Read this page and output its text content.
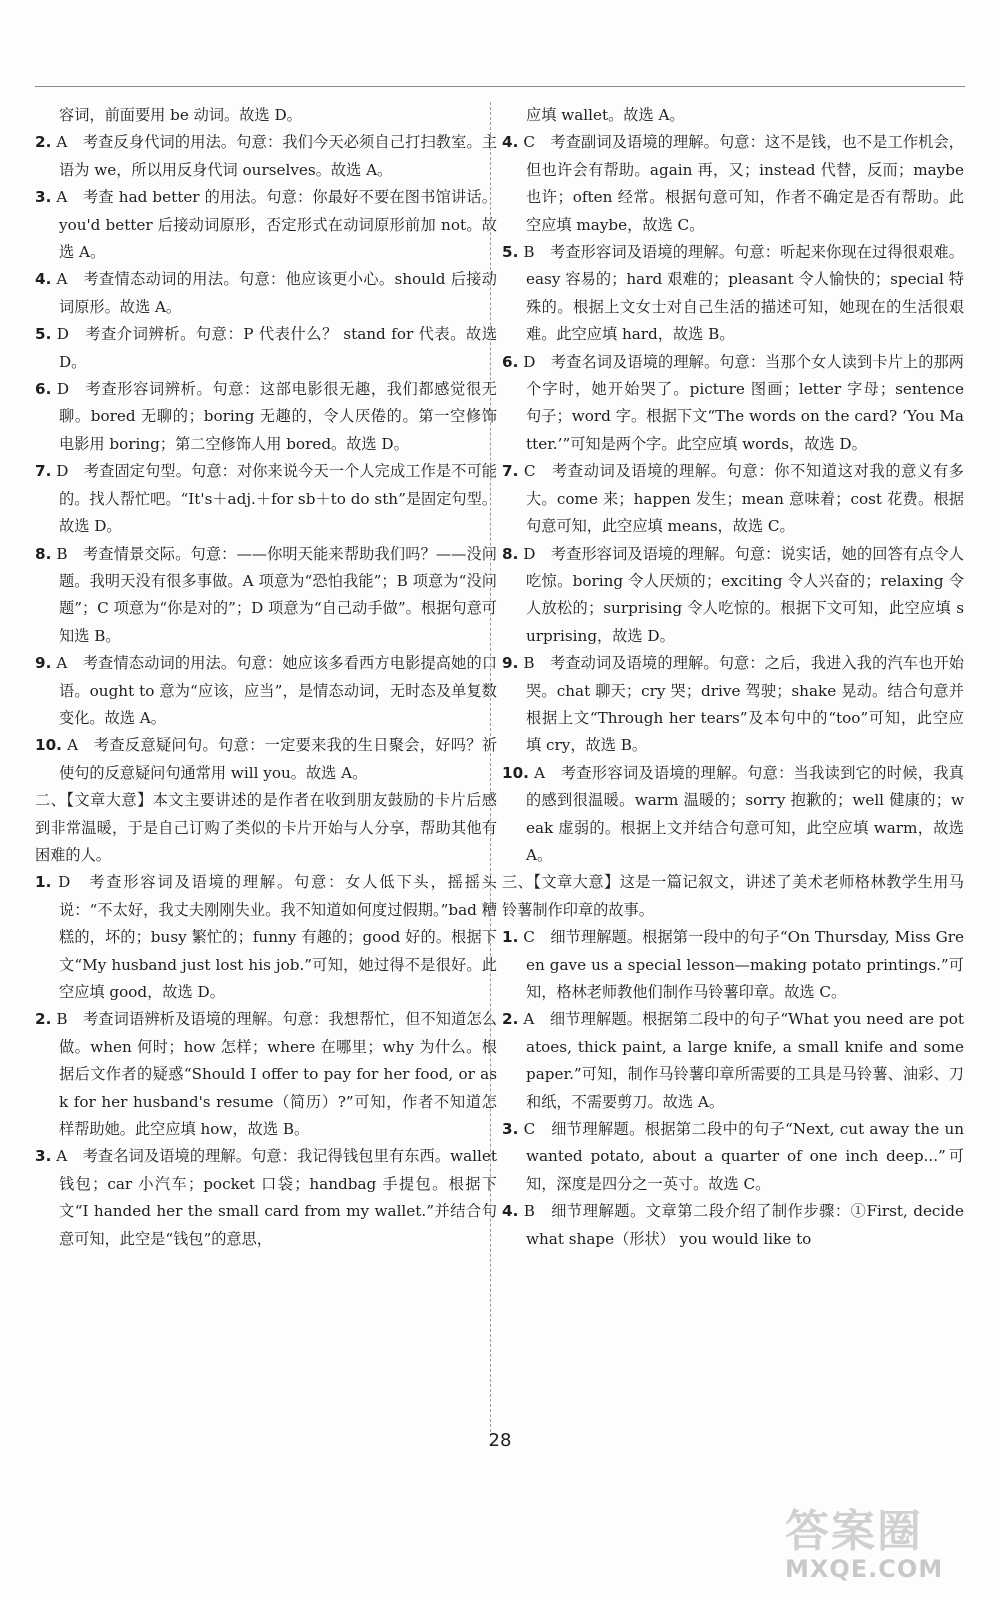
容词，前面要用 be 动词。故选 D。

2. A　考查反身代词的用法。句意：我们今天必须自己打扫教室。主语为 we，所以用反身代词 ourselves。故选 A。

3. A　考查 had better 的用法。句意：你最好不要在图书馆讲话。you'd better 后接动词原形，否定形式在动词原形前加 not。故选 A。

4. A　考查情态动词的用法。句意：他应该更小心。should 后接动词原形。故选 A。

5. D　考查介词辨析。句意：P 代表什么？ stand for 代表。故选 D。

6. D　考查形容词辨析。句意：这部电影很无趣，我们都感觉很无聊。bored 无聊的；boring 无趣的，令人厌倦的。第一空修饰电影用 boring；第二空修饰人用 bored。故选 D。

7. D　考查固定句型。句意：对你来说今天一个人完成工作是不可能的。找人帮忙吧。“It's＋adj.＋for sb＋to do sth”是固定句型。故选 D。

8. B　考查情景交际。句意：——你明天能来帮助我们吗？——没问题。我明天没有很多事做。A 项意为“恐怕我能”；B 项意为“没问题”；C 项意为“你是对的”；D 项意为“自己动手做”。根据句意可知选 B。

9. A　考查情态动词的用法。句意：她应该多看西方电影提高她的口语。ought to 意为“应该，应当”，是情态动词，无时态及单复数变化。故选 A。

10. A　考查反意疑问句。句意：一定要来我的生日聚会，好吗？祈使句的反意疑问句通常用 will you。故选 A。

二、【文章大意】本文主要讲述的是作者在收到朋友鼓励的卡片后感到非常温暖，于是自己订购了类似的卡片开始与人分享，帮助其他有困难的人。

1. D　考查形容词及语境的理解。句意：女人低下头，摇摇头说：“不太好，我丈夫刚刚失业。我不知道如何度过假期。”bad 糟糕的，坏的；busy 繁忙的；funny 有趣的；good 好的。根据下文“My husband just lost his job.”可知，她过得不是很好。此空应填 good，故选 D。

2. B　考查词语辨析及语境的理解。句意：我想帮忙，但不知道怎么做。when 何时；how 怎样；where 在哪里；why 为什么。根据后文作者的疑惑“Should I offer to pay for her food, or ask for her husband's resume（简历）?”可知，作者不知道怎样帮助她。此空应填 how，故选 B。

3. A　考查名词及语境的理解。句意：我记得钱包里有东西。wallet 钱包；car 小汽车；pocket 口袋；handbag 手提包。根据下文“I handed her the small card from my wallet.”并结合句意可知，此空是“钱包”的意思，

应填 wallet。故选 A。

4. C　考查副词及语境的理解。句意：这不是钱，也不是工作机会，但也许会有帮助。again 再，又；instead 代替，反而；maybe 也许；often 经常。根据句意可知，作者不确定是否有帮助。此空应填 maybe，故选 C。

5. B　考查形容词及语境的理解。句意：听起来你现在过得很艰难。easy 容易的；hard 艰难的；pleasant 令人愉快的；special 特殊的。根据上文女士对自己生活的描述可知，她现在的生活很艰难。此空应填 hard，故选 B。

6. D　考查名词及语境的理解。句意：当那个女人读到卡片上的那两个字时，她开始哭了。picture 图画；letter 字母；sentence 句子；word 字。根据下文“The words on the card? ‘You Matter.’”可知是两个字。此空应填 words，故选 D。

7. C　考查动词及语境的理解。句意：你不知道这对我的意义有多大。come 来；happen 发生；mean 意味着；cost 花费。根据句意可知，此空应填 means，故选 C。

8. D　考查形容词及语境的理解。句意：说实话，她的回答有点令人吃惊。boring 令人厌烦的；exciting 令人兴奋的；relaxing 令人放松的；surprising 令人吃惊的。根据下文可知，此空应填 surprising，故选 D。

9. B　考查动词及语境的理解。句意：之后，我进入我的汽车也开始哭。chat 聊天；cry 哭；drive 驾驶；shake 晃动。结合句意并根据上文“Through her tears”及本句中的“too”可知，此空应填 cry，故选 B。

10. A　考查形容词及语境的理解。句意：当我读到它的时候，我真的感到很温暖。warm 温暖的；sorry 抱歉的；well 健康的；weak 虚弱的。根据上文并结合句意可知，此空应填 warm，故选 A。

三、【文章大意】这是一篇记叙文，讲述了美术老师格林教学生用马铃薯制作印章的故事。

1. C　细节理解题。根据第一段中的句子“On Thursday, Miss Green gave us a special lesson—making potato printings.”可知，格林老师教他们制作马铃薯印章。故选 C。

2. A　细节理解题。根据第二段中的句子“What you need are potatoes, thick paint, a large knife, a small knife and some paper.”可知，制作马铃薯印章所需要的工具是马铃薯、油彩、刀和纸，不需要剪刀。故选 A。

3. C　细节理解题。根据第二段中的句子“Next, cut away the unwanted potato, about a quarter of one inch deep...”可知，深度是四分之一英寸。故选 C。

4. B　细节理解题。文章第二段介绍了制作步骤：①First, decide what shape（形状） you would like to

28
答案圈
MXQE.COM
